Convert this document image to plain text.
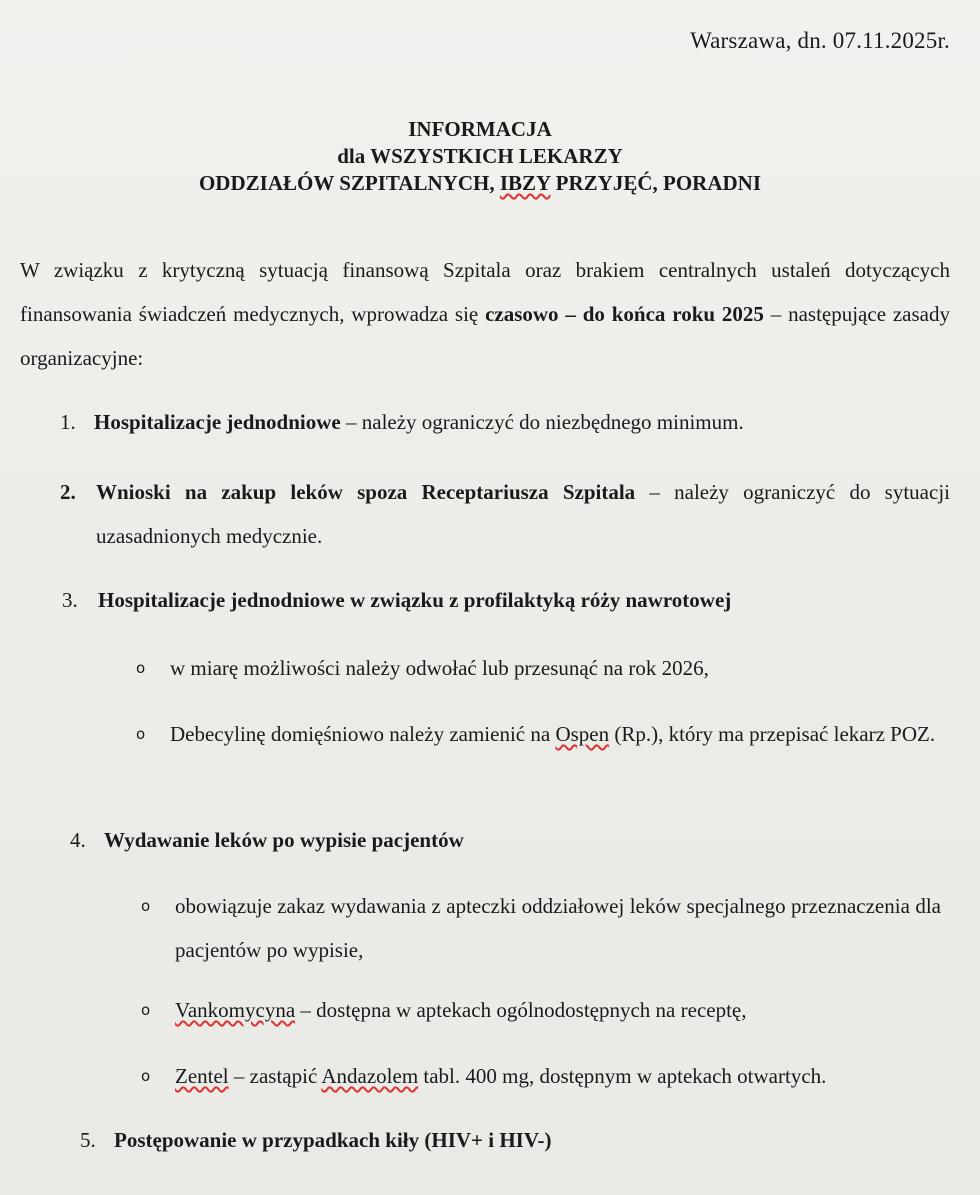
Warszawa, dn. 07.11.2025r.
INFORMACJA
dla WSZYSTKICH LEKARZY
ODDZIAŁÓW SZPITALNYCH, IBZY PRZYJĘĆ, PORADNI
W związku z krytyczną sytuacją finansową Szpitala oraz brakiem centralnych ustaleń dotyczących finansowania świadczeń medycznych, wprowadza się czasowo – do końca roku 2025 – następujące zasady organizacyjne:
1. Hospitalizacje jednodniowe – należy ograniczyć do niezbędnego minimum.
2. Wnioski na zakup leków spoza Receptariusza Szpitala – należy ograniczyć do sytuacji uzasadnionych medycznie.
3. Hospitalizacje jednodniowe w związku z profilaktyką róży nawrotowej
o w miarę możliwości należy odwołać lub przesunąć na rok 2026,
o Debecylinę domięśniowo należy zamienić na Ospen (Rp.), który ma przepisać lekarz POZ.
4. Wydawanie leków po wypisie pacjentów
o obowiązuje zakaz wydawania z apteczki oddziałowej leków specjalnego przeznaczenia dla pacjentów po wypisie,
o Vankomycyna – dostępna w aptekach ogólnodostępnych na receptę,
o Zentel – zastąpić Andazolem tabl. 400 mg, dostępnym w aptekach otwartych.
5. Postępowanie w przypadkach kiły (HIV+ i HIV-)
